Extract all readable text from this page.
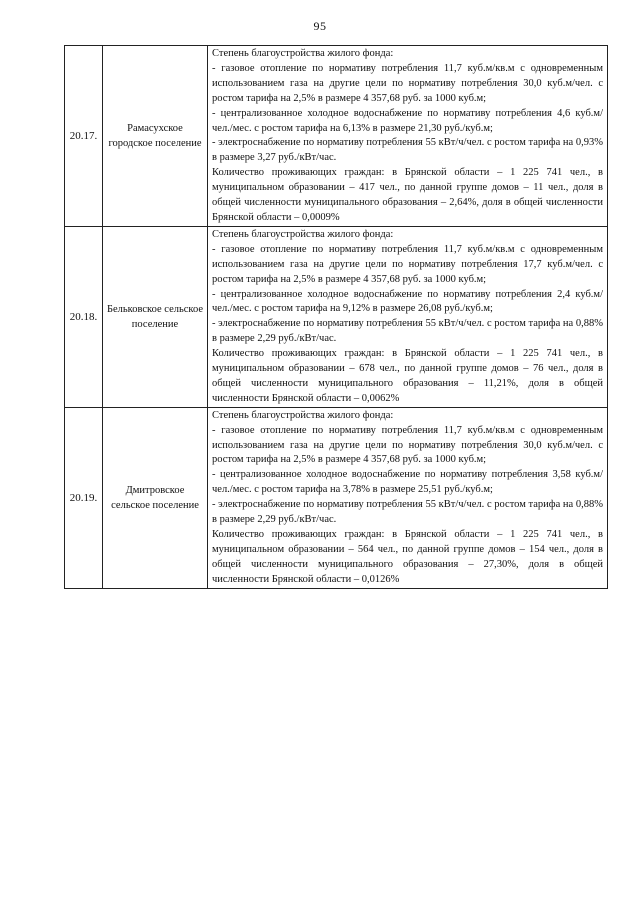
95
20.17.	Рамасухское городское поселение	Степень благоустройства жилого фонда:
- газовое отопление по нормативу потребления 11,7 куб.м/кв.м с одновременным использованием газа на другие цели по нормативу потребления 30,0 куб.м/чел. с ростом тарифа на 2,5% в размере 4 357,68 руб. за 1000 куб.м;
- централизованное холодное водоснабжение по нормативу потребления 4,6 куб.м/чел./мес. с ростом тарифа на 6,13% в размере 21,30 руб./куб.м;
- электроснабжение по нормативу потребления 55 кВт/ч/чел. с ростом тарифа на 0,93% в размере 3,27 руб./кВт/час.
Количество проживающих граждан: в Брянской области – 1 225 741 чел., в муниципальном образовании – 417 чел., по данной группе домов – 11 чел., доля в общей численности муниципального образования – 2,64%, доля в общей численности Брянской области – 0,0009%

20.18.	Бельковское сельское поселение	Степень благоустройства жилого фонда:
- газовое отопление по нормативу потребления 11,7 куб.м/кв.м с одновременным использованием газа на другие цели по нормативу потребления 17,7 куб.м/чел. с ростом тарифа на 2,5% в размере 4 357,68 руб. за 1000 куб.м;
- централизованное холодное водоснабжение по нормативу потребления 2,4 куб.м/чел./мес. с ростом тарифа на 9,12% в размере 26,08 руб./куб.м;
- электроснабжение по нормативу потребления 55 кВт/ч/чел. с ростом тарифа на 0,88% в размере 2,29 руб./кВт/час.
Количество проживающих граждан: в Брянской области – 1 225 741 чел., в муниципальном образовании – 678 чел., по данной группе домов – 76 чел., доля в общей численности муниципального образования – 11,21%, доля в общей численности Брянской области – 0,0062%

20.19.	Дмитровское сельское поселение	Степень благоустройства жилого фонда:
- газовое отопление по нормативу потребления 11,7 куб.м/кв.м с одновременным использованием газа на другие цели по нормативу потребления 30,0 куб.м/чел. с ростом тарифа на 2,5% в размере 4 357,68 руб. за 1000 куб.м;
- централизованное холодное водоснабжение по нормативу потребления 3,58 куб.м/чел./мес. с ростом тарифа на 3,78% в размере 25,51 руб./куб.м;
- электроснабжение по нормативу потребления 55 кВт/ч/чел. с ростом тарифа на 0,88% в размере 2,29 руб./кВт/час.
Количество проживающих граждан: в Брянской области – 1 225 741 чел., в муниципальном образовании – 564 чел., по данной группе домов – 154 чел., доля в общей численности муниципального образования – 27,30%, доля в общей численности Брянской области – 0,0126%
